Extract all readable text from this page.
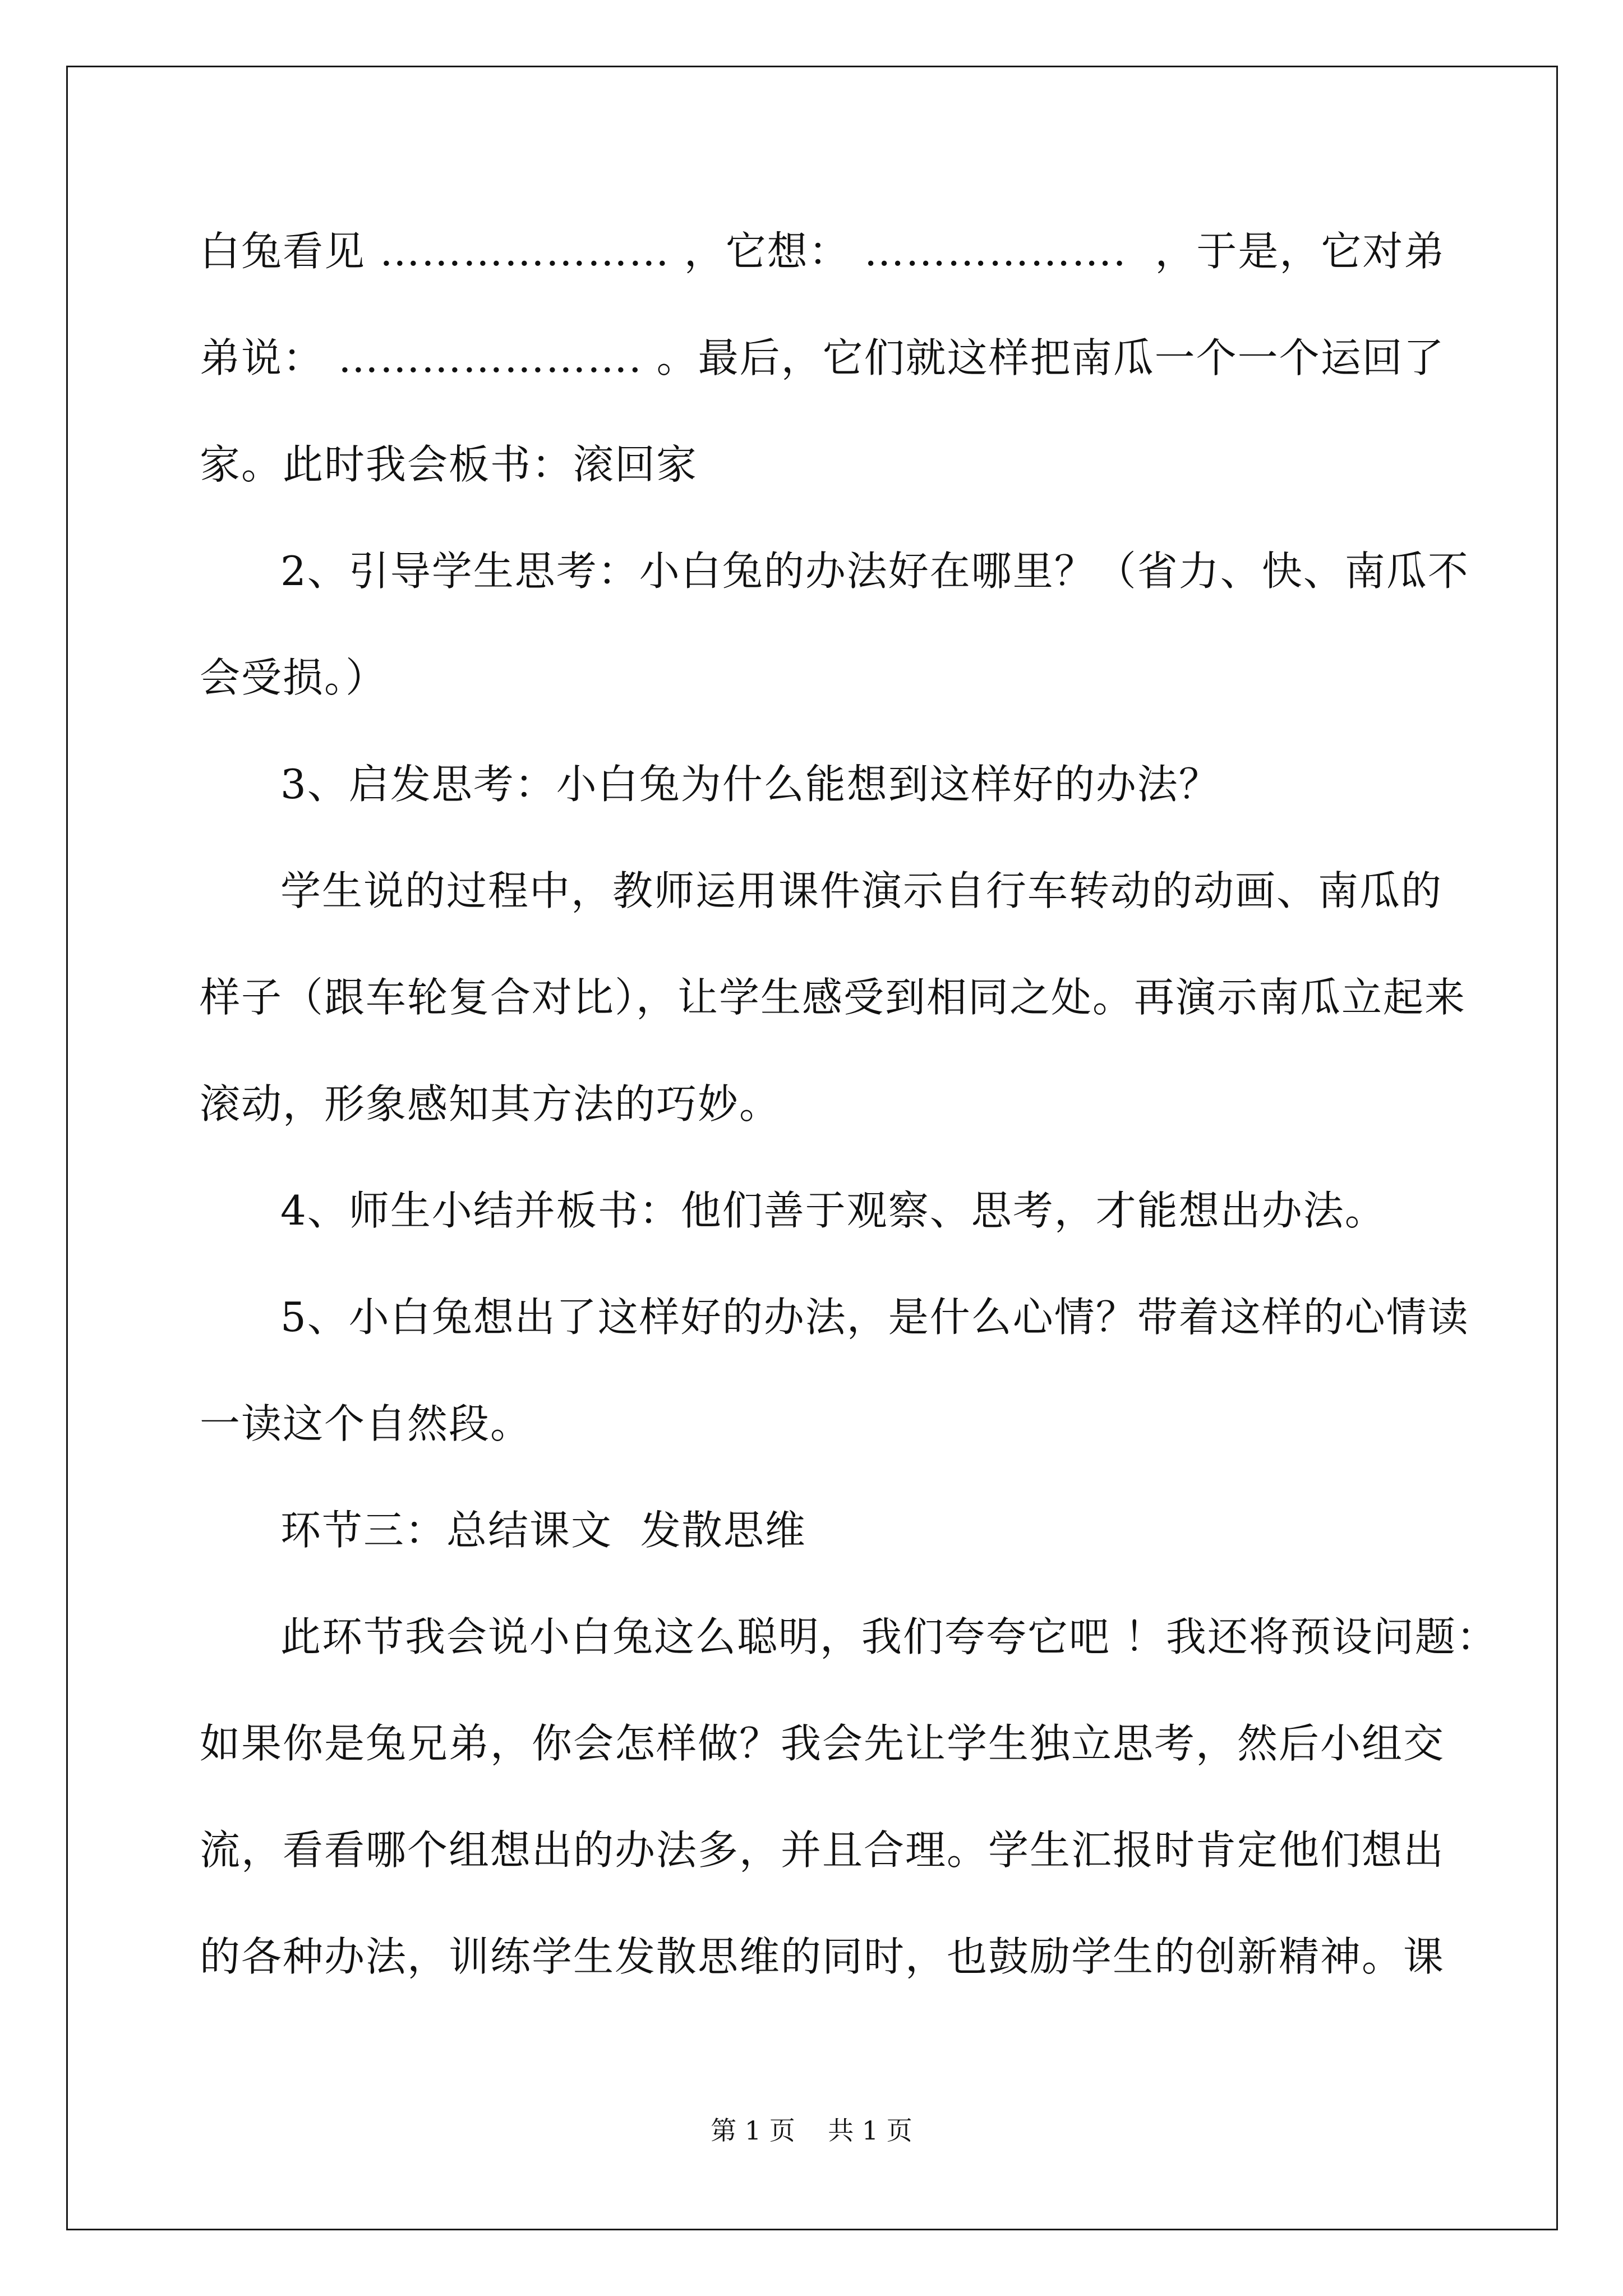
白兔看见 ………………… ，它想： ……………….  ，于是，它对弟
弟说： …………………. 。最后，它们就这样把南瓜一个一个运回了
家。此时我会板书：滚回家
2、引导学生思考：小白兔的办法好在哪里？（省力、快、南瓜不
会受损。）
3、启发思考：小白兔为什么能想到这样好的办法？
学生说的过程中，教师运用课件演示自行车转动的动画、南瓜的
样子（跟车轮复合对比），让学生感受到相同之处。再演示南瓜立起来
滚动，形象感知其方法的巧妙。
4、师生小结并板书：他们善于观察、思考，才能想出办法。
5、小白兔想出了这样好的办法，是什么心情？带着这样的心情读
一读这个自然段。
环节三：总结课文  发散思维
此环节我会说小白兔这么聪明，我们夸夸它吧 ！我还将预设问题：
如果你是兔兄弟，你会怎样做？我会先让学生独立思考，然后小组交
流，看看哪个组想出的办法多，并且合理。学生汇报时肯定他们想出
的各种办法，训练学生发散思维的同时，也鼓励学生的创新精神。课
第 1 页    共 1 页
